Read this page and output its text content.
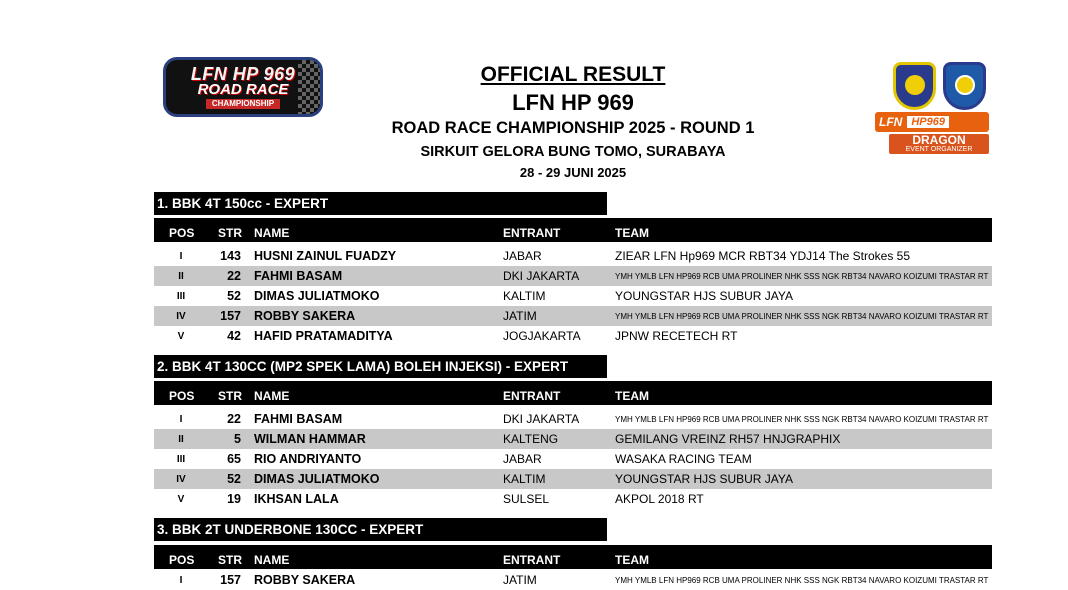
LFN HP 969
ROAD RACE
CHAMPIONSHIP
OFFICIAL RESULT
LFN HP 969
ROAD RACE CHAMPIONSHIP 2025 - ROUND 1
SIRKUIT GELORA BUNG TOMO, SURABAYA
28 - 29 JUNI 2025
LFN HP969
DRAGON
EVENT ORGANIZER
1. BBK 4T 150cc - EXPERT
POS STR NAME	ENTRANT	TEAM
I	143 HUSNI ZAINUL FUADZY	JABAR	ZIEAR LFN Hp969 MCR RBT34 YDJ14 The Strokes 55
II	22 FAHMI BASAM	DKI JAKARTA	YMH YMLB LFN HP969 RCB UMA PROLINER NHK SSS NGK RBT34 NAVARO KOIZUMI TRASTAR RT
III	52 DIMAS JULIATMOKO	KALTIM	YOUNGSTAR HJS SUBUR JAYA
IV	157 ROBBY SAKERA	JATIM	YMH YMLB LFN HP969 RCB UMA PROLINER NHK SSS NGK RBT34 NAVARO KOIZUMI TRASTAR RT
V	42 HAFID PRATAMADITYA	JOGJAKARTA	JPNW RECETECH RT
2. BBK 4T 130CC (MP2 SPEK LAMA) BOLEH INJEKSI) - EXPERT
POS STR NAME	ENTRANT	TEAM
I	22 FAHMI BASAM	DKI JAKARTA	YMH YMLB LFN HP969 RCB UMA PROLINER NHK SSS NGK RBT34 NAVARO KOIZUMI TRASTAR RT
II	5 WILMAN HAMMAR	KALTENG	GEMILANG VREINZ RH57 HNJGRAPHIX
III	65 RIO ANDRIYANTO	JABAR	WASAKA RACING TEAM
IV	52 DIMAS JULIATMOKO	KALTIM	YOUNGSTAR HJS SUBUR JAYA
V	19 IKHSAN LALA	SULSEL	AKPOL 2018 RT
3. BBK 2T UNDERBONE 130CC - EXPERT
POS STR NAME	ENTRANT	TEAM
I	157 ROBBY SAKERA	JATIM	YMH YMLB LFN HP969 RCB UMA PROLINER NHK SSS NGK RBT34 NAVARO KOIZUMI TRASTAR RT
